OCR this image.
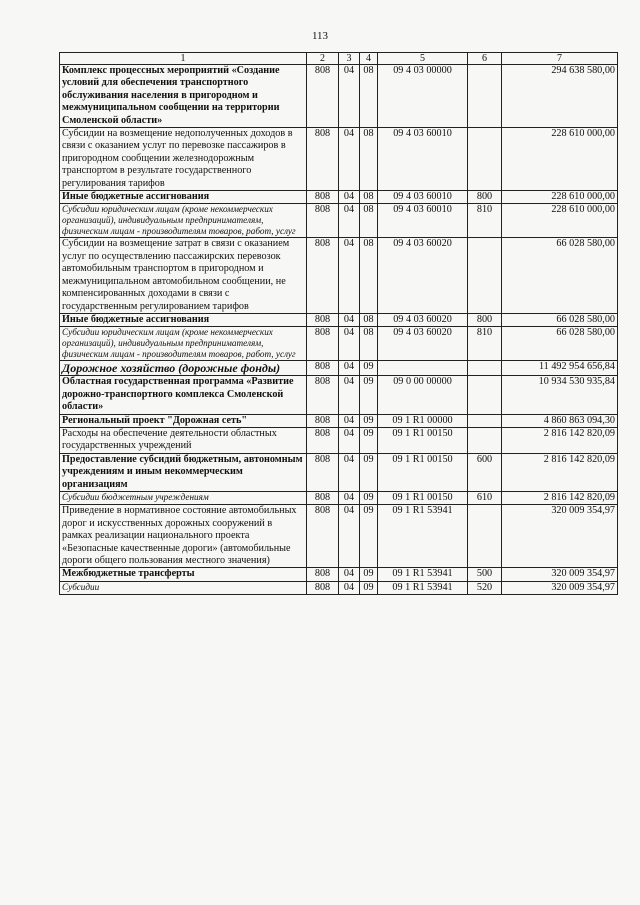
113
1	2	3	4	5	6	7
Комплекс процессных мероприятий «Создание условий для обеспечения транспортного обслуживания населения в пригородном и межмуниципальном сообщении на территории Смоленской области»	808	04	08	09 4 03 00000		294 638 580,00
Субсидии на возмещение недополученных доходов в связи с оказанием услуг по перевозке пассажиров в пригородном сообщении железнодорожным транспортом в результате государственного регулирования тарифов	808	04	08	09 4 03 60010		228 610 000,00
Иные бюджетные ассигнования	808	04	08	09 4 03 60010	800	228 610 000,00
Субсидии юридическим лицам (кроме некоммерческих организаций), индивидуальным предпринимателям, физическим лицам - производителям товаров, работ, услуг	808	04	08	09 4 03 60010	810	228 610 000,00
Субсидии на возмещение затрат в связи с оказанием услуг по осуществлению пассажирских перевозок автомобильным транспортом в пригородном и межмуниципальном автомобильном сообщении, не компенсированных доходами в связи с государственным регулированием тарифов	808	04	08	09 4 03 60020		66 028 580,00
Иные бюджетные ассигнования	808	04	08	09 4 03 60020	800	66 028 580,00
Субсидии юридическим лицам (кроме некоммерческих организаций), индивидуальным предпринимателям, физическим лицам - производителям товаров, работ, услуг	808	04	08	09 4 03 60020	810	66 028 580,00
Дорожное хозяйство (дорожные фонды)	808	04	09			11 492 954 656,84
Областная государственная программа «Развитие дорожно-транспортного комплекса Смоленской области»	808	04	09	09 0 00 00000		10 934 530 935,84
Региональный проект "Дорожная сеть"	808	04	09	09 1 R1 00000		4 860 863 094,30
Расходы на обеспечение деятельности областных государственных учреждений	808	04	09	09 1 R1 00150		2 816 142 820,09
Предоставление субсидий бюджетным, автономным учреждениям и иным некоммерческим организациям	808	04	09	09 1 R1 00150	600	2 816 142 820,09
Субсидии бюджетным учреждениям	808	04	09	09 1 R1 00150	610	2 816 142 820,09
Приведение в нормативное состояние автомобильных дорог и искусственных дорожных сооружений в рамках реализации национального проекта «Безопасные качественные дороги» (автомобильные дороги общего пользования местного значения)	808	04	09	09 1 R1 53941		320 009 354,97
Межбюджетные трансферты	808	04	09	09 1 R1 53941	500	320 009 354,97
Субсидии	808	04	09	09 1 R1 53941	520	320 009 354,97
